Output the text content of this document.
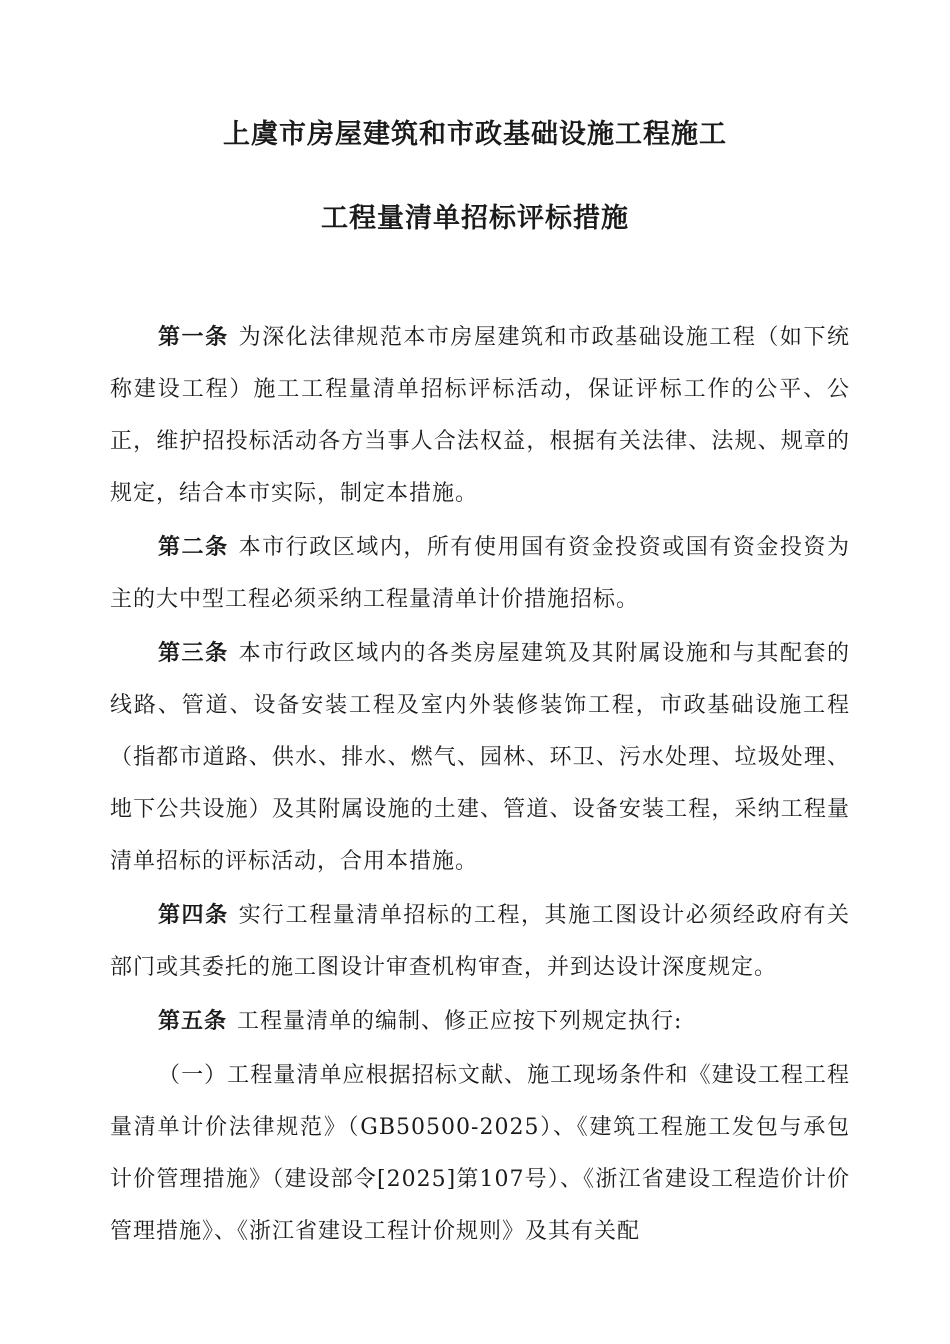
上虞市房屋建筑和市政基础设施工程施工
工程量清单招标评标措施

第一条 为深化法律规范本市房屋建筑和市政基础设施工程（如下统称建设工程）施工工程量清单招标评标活动，保证评标工作的公平、公正，维护招投标活动各方当事人合法权益，根据有关法律、法规、规章的规定，结合本市实际，制定本措施。

第二条 本市行政区域内，所有使用国有资金投资或国有资金投资为主的大中型工程必须采纳工程量清单计价措施招标。

第三条 本市行政区域内的各类房屋建筑及其附属设施和与其配套的线路、管道、设备安装工程及室内外装修装饰工程，市政基础设施工程（指都市道路、供水、排水、燃气、园林、环卫、污水处理、垃圾处理、地下公共设施）及其附属设施的土建、管道、设备安装工程，采纳工程量清单招标的评标活动，合用本措施。

第四条 实行工程量清单招标的工程，其施工图设计必须经政府有关部门或其委托的施工图设计审查机构审查，并到达设计深度规定。

第五条 工程量清单的编制、修正应按下列规定执行:

（一）工程量清单应根据招标文献、施工现场条件和《建设工程工程量清单计价法律规范》（GB50500-2025）、《建筑工程施工发包与承包计价管理措施》（建设部令[2025]第107号）、《浙江省建设工程造价计价管理措施》、《浙江省建设工程计价规则》及其有关配
